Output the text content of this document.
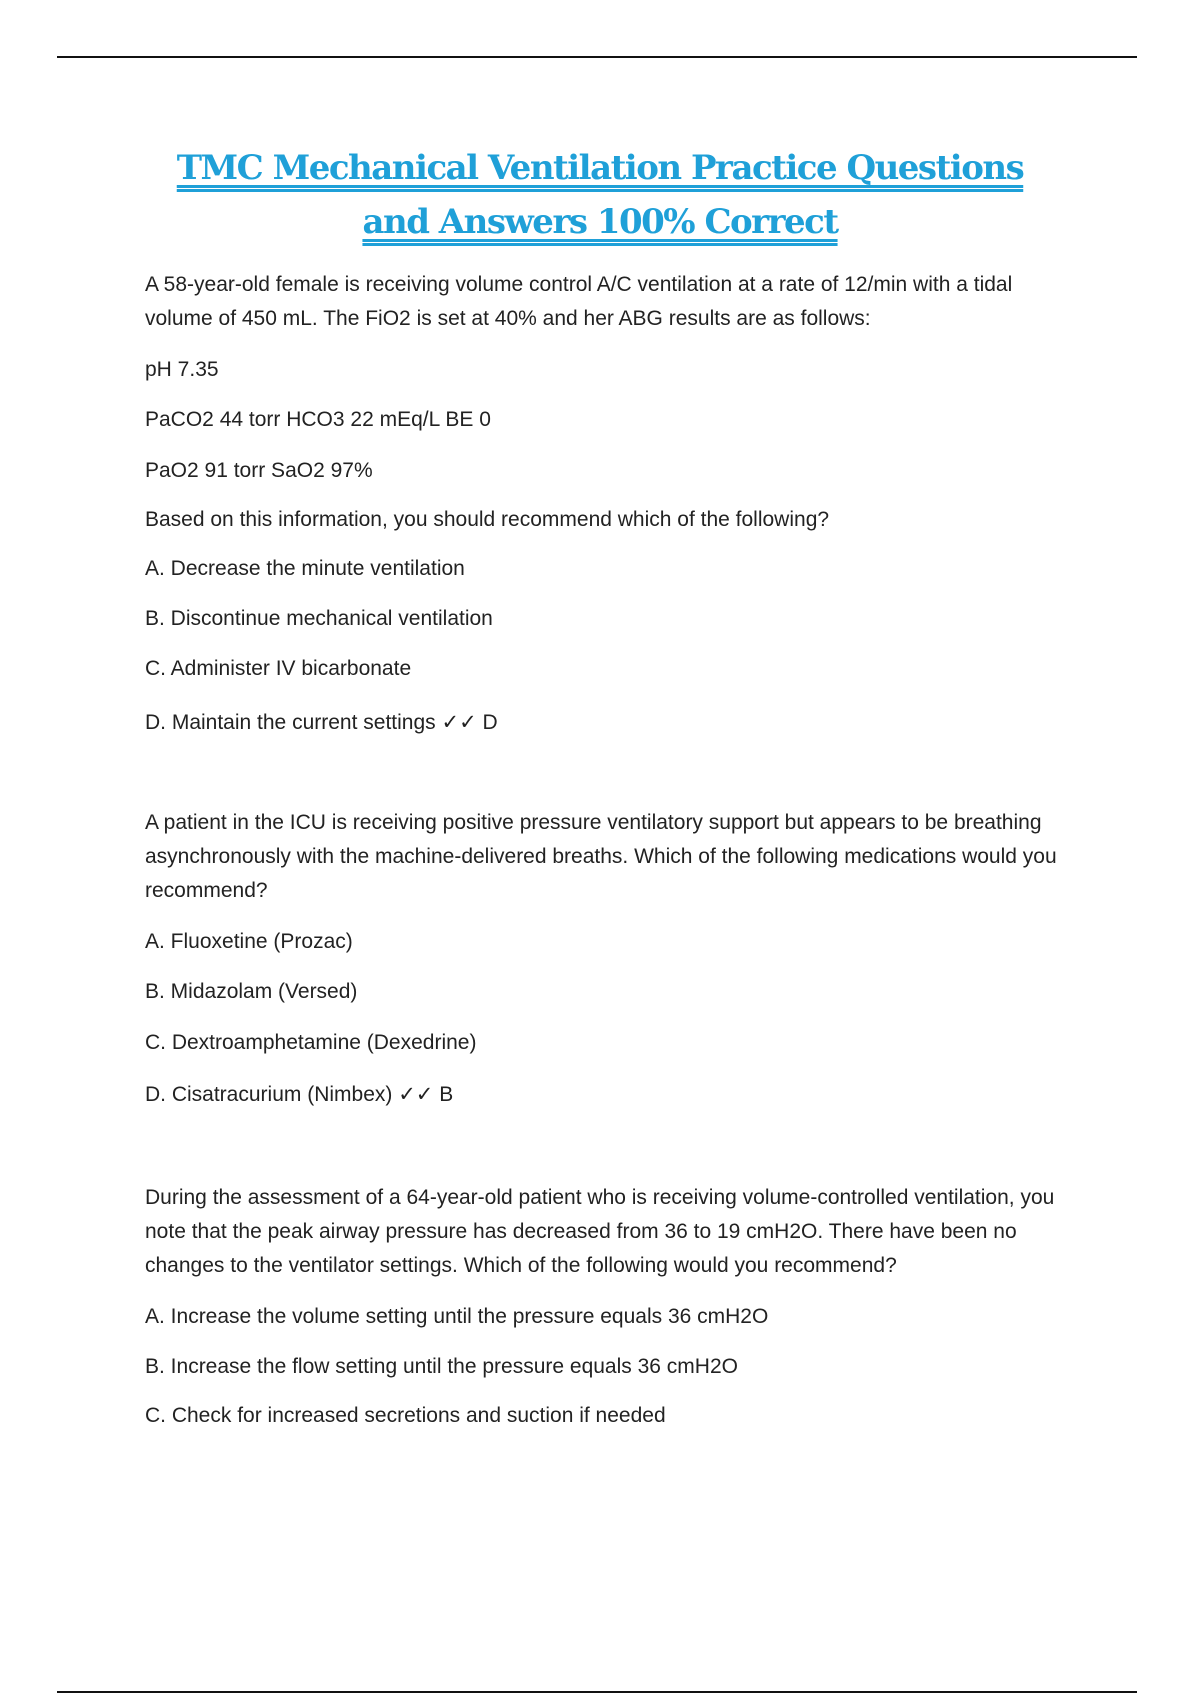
TMC Mechanical Ventilation Practice Questions
and Answers 100% Correct
A 58-year-old female is receiving volume control A/C ventilation at a rate of 12/min with a tidal volume of 450 mL. The FiO2 is set at 40% and her ABG results are as follows:
pH 7.35
PaCO2 44 torr HCO3 22 mEq/L BE 0
PaO2 91 torr SaO2 97%
Based on this information, you should recommend which of the following?
A. Decrease the minute ventilation
B. Discontinue mechanical ventilation
C. Administer IV bicarbonate
D. Maintain the current settings ✓✓ D
A patient in the ICU is receiving positive pressure ventilatory support but appears to be breathing asynchronously with the machine-delivered breaths. Which of the following medications would you recommend?
A. Fluoxetine (Prozac)
B. Midazolam (Versed)
C. Dextroamphetamine (Dexedrine)
D. Cisatracurium (Nimbex) ✓✓ B
During the assessment of a 64-year-old patient who is receiving volume-controlled ventilation, you note that the peak airway pressure has decreased from 36 to 19 cmH2O. There have been no changes to the ventilator settings. Which of the following would you recommend?
A. Increase the volume setting until the pressure equals 36 cmH2O
B. Increase the flow setting until the pressure equals 36 cmH2O
C. Check for increased secretions and suction if needed
